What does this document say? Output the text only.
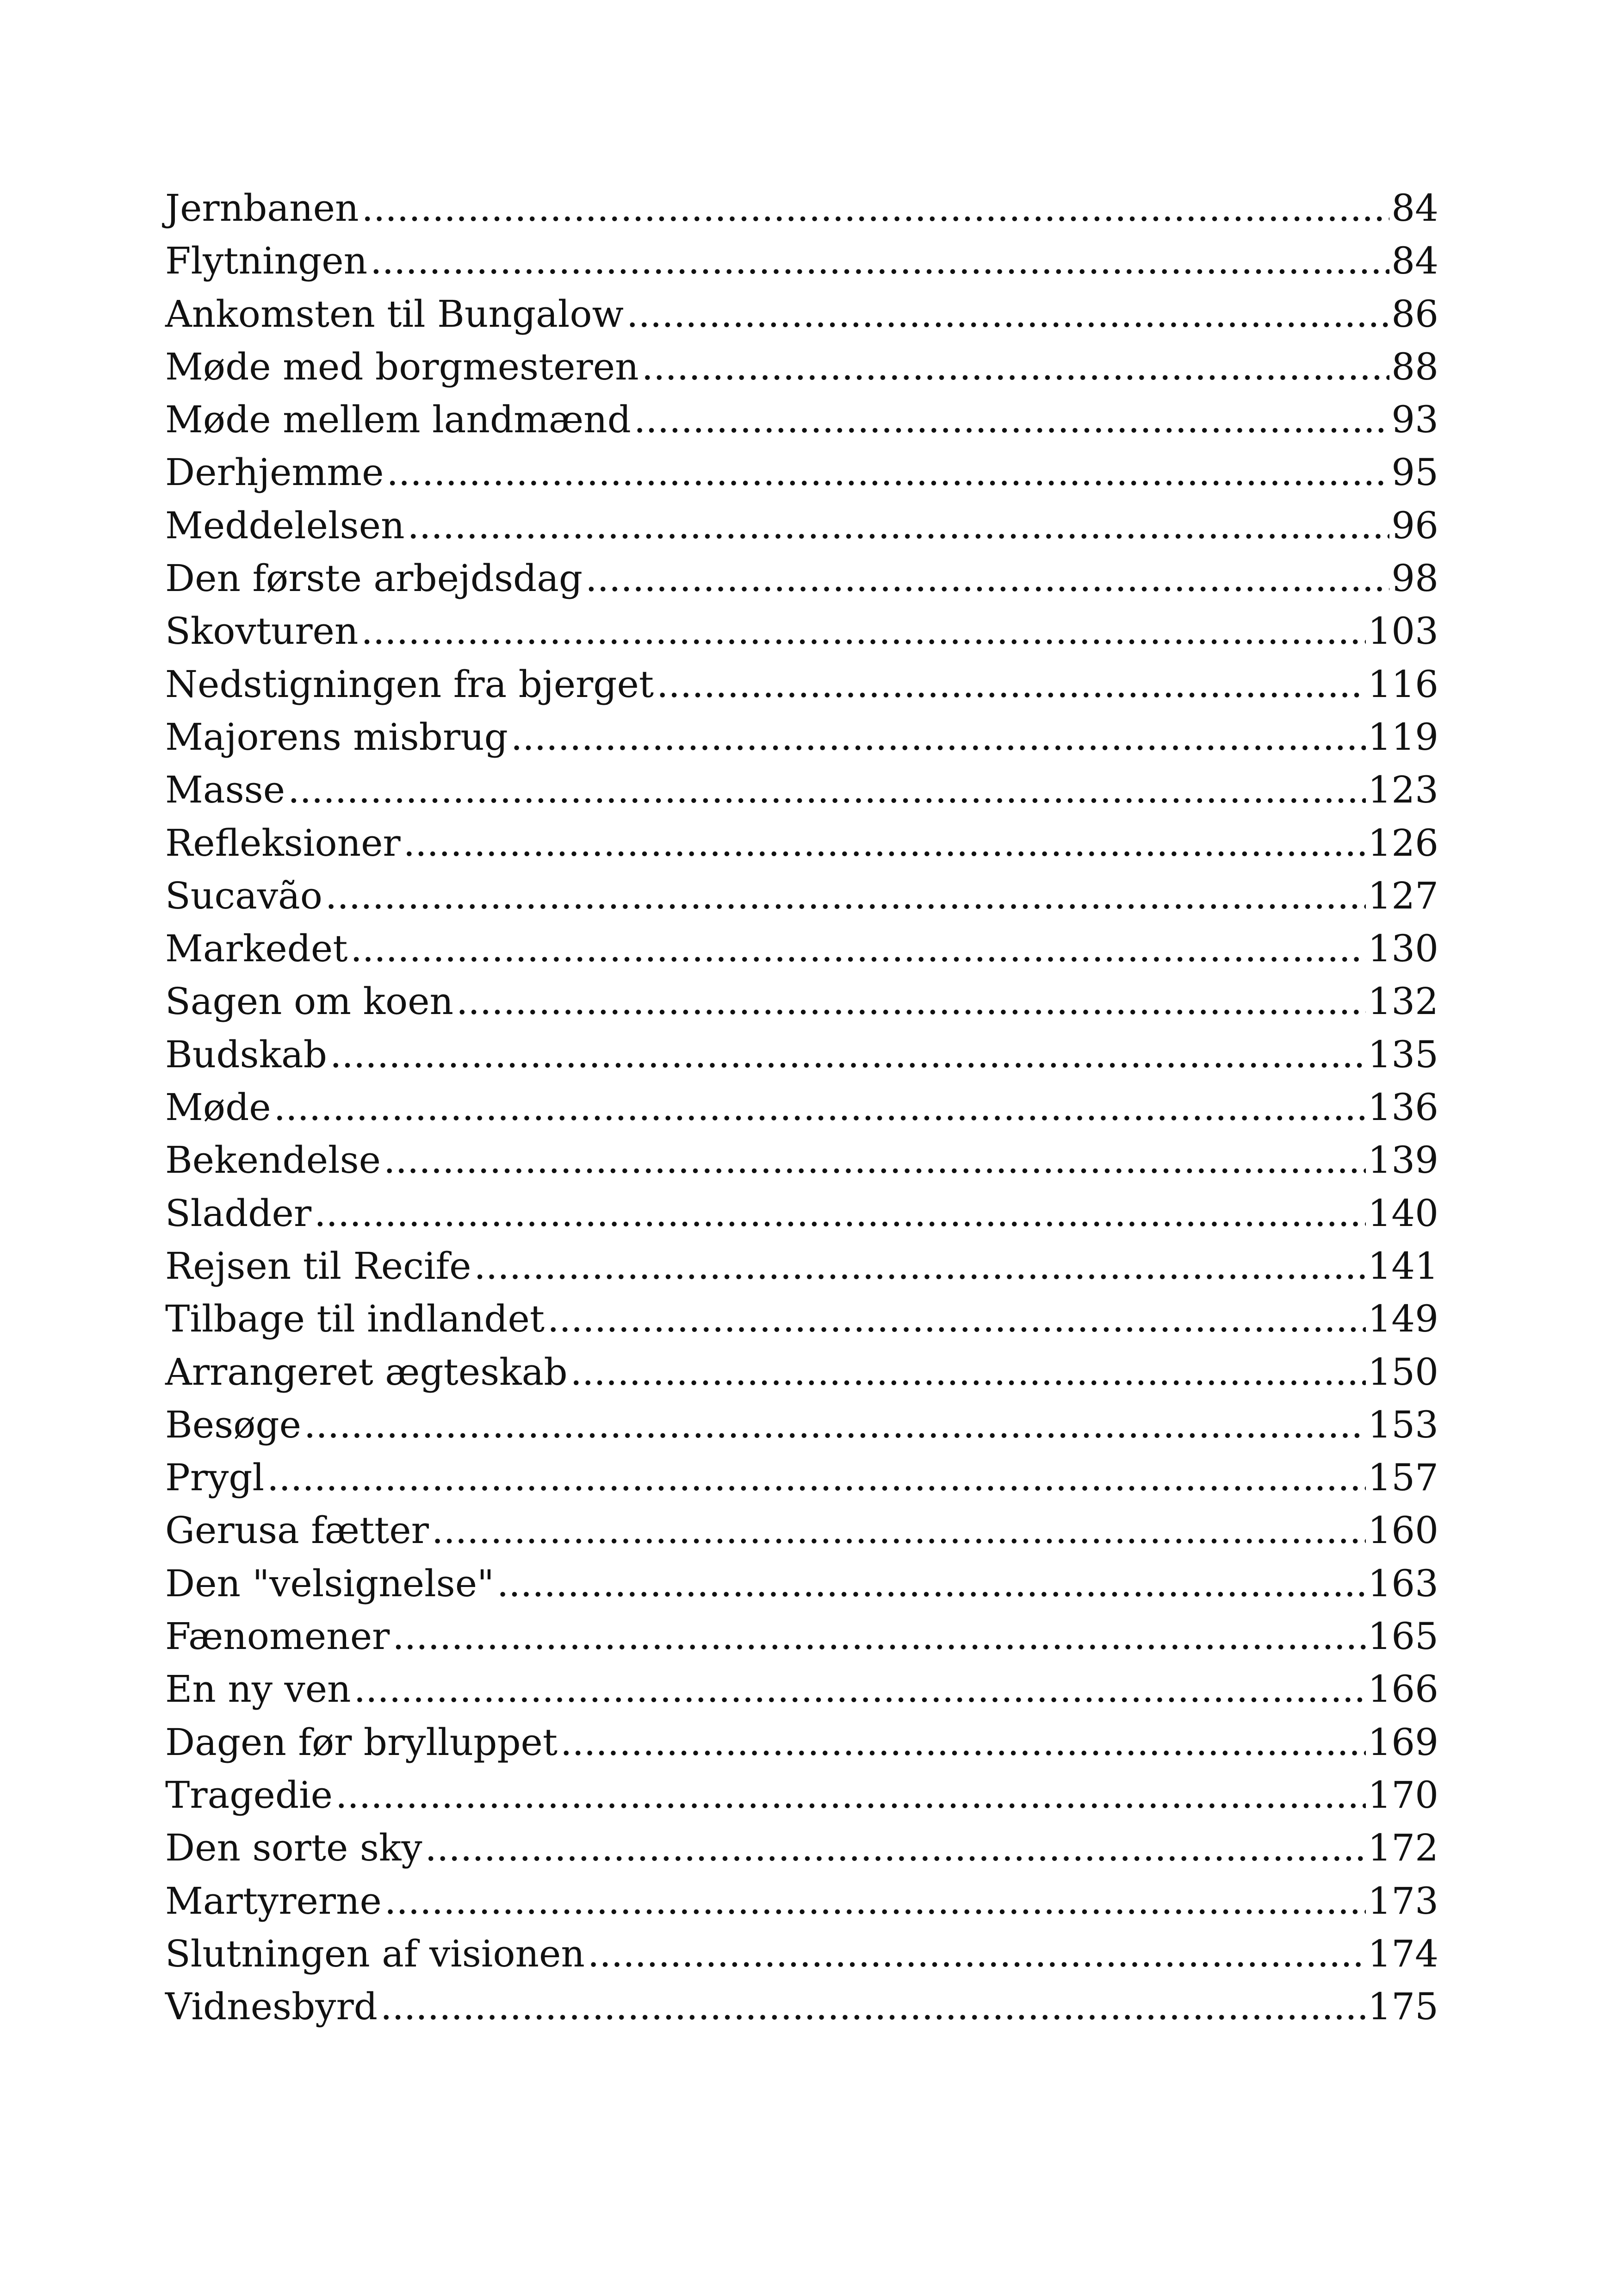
Jernbanen .....	84
Flytningen .....	84
Ankomsten til Bungalow .....	86
Møde med borgmesteren .....	88
Møde mellem landmænd .....	93
Derhjemme .....	95
Meddelelsen .....	96
Den første arbejdsdag .....	98
Skovturen .....	103
Nedstigningen fra bjerget .....	116
Majorens misbrug .....	119
Masse .....	123
Refleksioner .....	126
Sucavão .....	127
Markedet .....	130
Sagen om koen .....	132
Budskab .....	135
Møde .....	136
Bekendelse .....	139
Sladder .....	140
Rejsen til Recife .....	141
Tilbage til indlandet .....	149
Arrangeret ægteskab .....	150
Besøge .....	153
Prygl .....	157
Gerusa fætter .....	160
Den "velsignelse" .....	163
Fænomener .....	165
En ny ven .....	166
Dagen før brylluppet .....	169
Tragedie .....	170
Den sorte sky .....	172
Martyrerne .....	173
Slutningen af visionen .....	174
Vidnesbyrd .....	175
